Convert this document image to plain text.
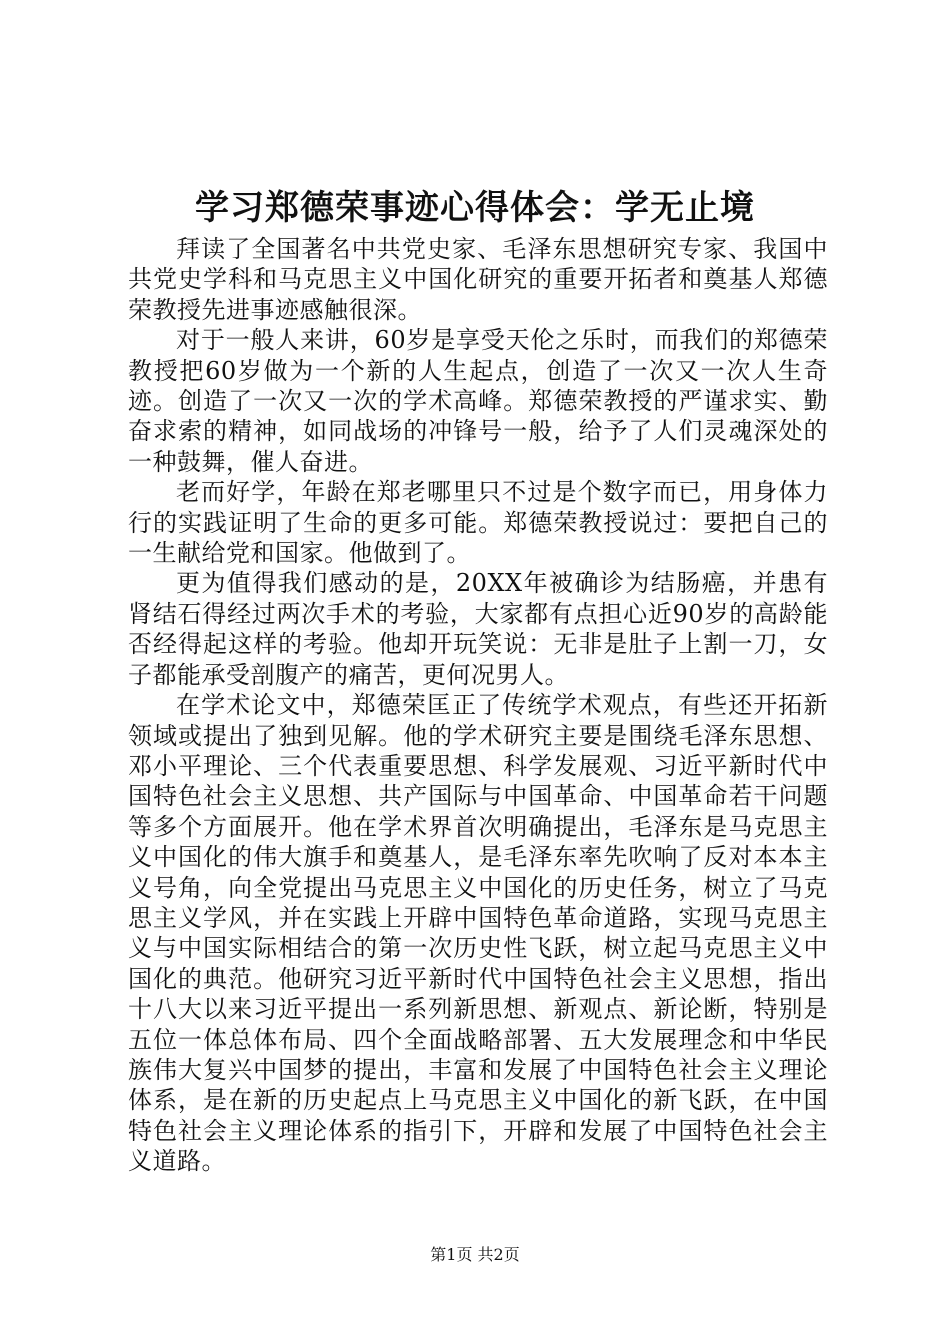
学习郑德荣事迹心得体会：学无止境

拜读了全国著名中共党史家、毛泽东思想研究专家、我国中共党史学科和马克思主义中国化研究的重要开拓者和奠基人郑德荣教授先进事迹感触很深。

对于一般人来讲，60岁是享受天伦之乐时，而我们的郑德荣教授把60岁做为一个新的人生起点，创造了一次又一次人生奇迹。创造了一次又一次的学术高峰。郑德荣教授的严谨求实、勤奋求索的精神，如同战场的冲锋号一般，给予了人们灵魂深处的一种鼓舞，催人奋进。

老而好学，年龄在郑老哪里只不过是个数字而已，用身体力行的实践证明了生命的更多可能。郑德荣教授说过：要把自己的一生献给党和国家。他做到了。

更为值得我们感动的是，20XX年被确诊为结肠癌，并患有肾结石得经过两次手术的考验，大家都有点担心近90岁的高龄能否经得起这样的考验。他却开玩笑说：无非是肚子上割一刀，女子都能承受剖腹产的痛苦，更何况男人。

在学术论文中，郑德荣匡正了传统学术观点，有些还开拓新领域或提出了独到见解。他的学术研究主要是围绕毛泽东思想、邓小平理论、三个代表重要思想、科学发展观、习近平新时代中国特色社会主义思想、共产国际与中国革命、中国革命若干问题等多个方面展开。他在学术界首次明确提出，毛泽东是马克思主义中国化的伟大旗手和奠基人，是毛泽东率先吹响了反对本本主义号角，向全党提出马克思主义中国化的历史任务，树立了马克思主义学风，并在实践上开辟中国特色革命道路，实现马克思主义与中国实际相结合的第一次历史性飞跃，树立起马克思主义中国化的典范。他研究习近平新时代中国特色社会主义思想，指出十八大以来习近平提出一系列新思想、新观点、新论断，特别是五位一体总体布局、四个全面战略部署、五大发展理念和中华民族伟大复兴中国梦的提出，丰富和发展了中国特色社会主义理论体系，是在新的历史起点上马克思主义中国化的新飞跃，在中国特色社会主义理论体系的指引下，开辟和发展了中国特色社会主义道路。

第1页 共2页
